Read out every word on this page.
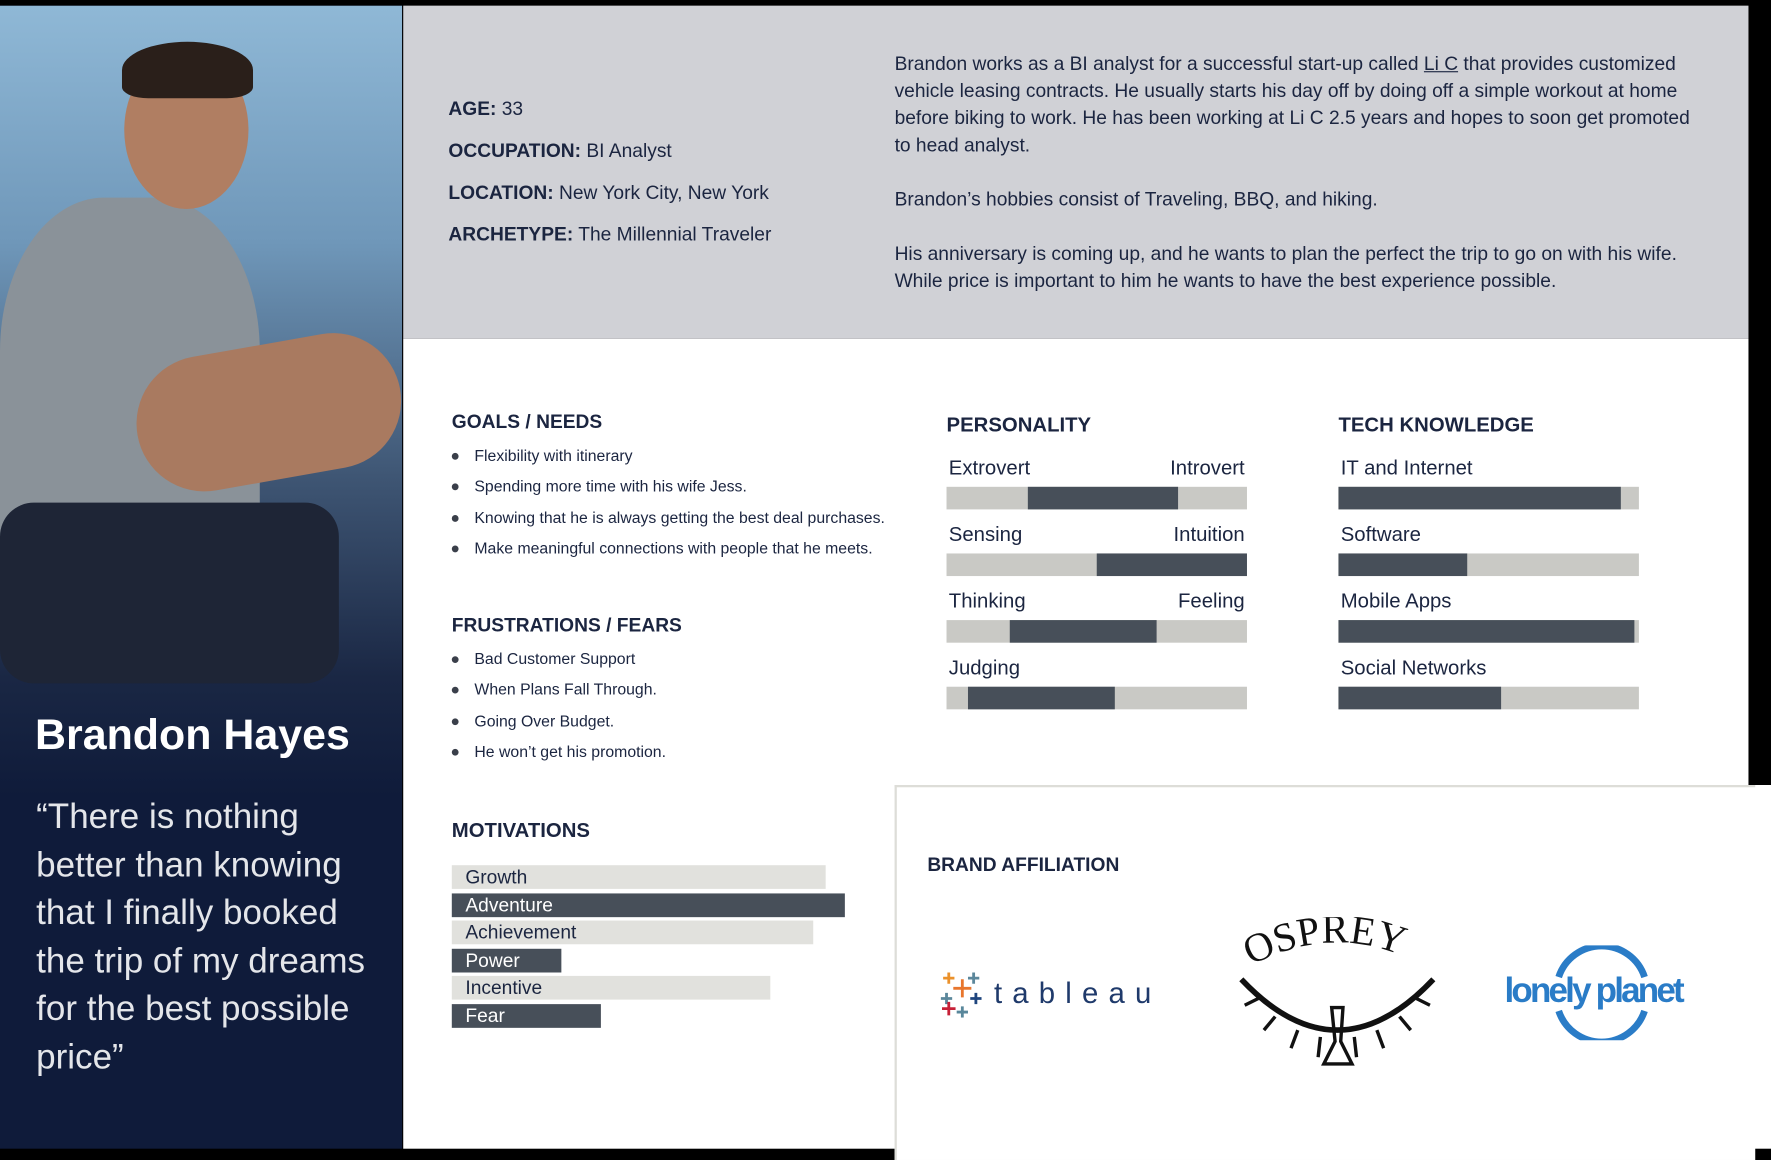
Brandon Hayes
“There is nothing better than knowing that I finally booked the trip of my dreams for the best possible price”
AGE: 33
OCCUPATION: BI Analyst
LOCATION: New York City, New York
ARCHETYPE: The Millennial Traveler

Brandon works as a BI analyst for a successful start-up called Li C that provides customized vehicle leasing contracts. He usually starts his day off by doing off a simple workout at home before biking to work. He has been working at Li C 2.5 years and hopes to soon get promoted to head analyst.

Brandon’s hobbies consist of Traveling, BBQ, and hiking.

His anniversary is coming up, and he wants to plan the perfect the trip to go on with his wife. While price is important to him he wants to have the best experience possible.

GOALS / NEEDS
Flexibility with itinerary
Spending more time with his wife Jess.
Knowing that he is always getting the best deal purchases.
Make meaningful connections with people that he meets.
FRUSTRATIONS / FEARS
Bad Customer Support
When Plans Fall Through.
Going Over Budget.
He won’t get his promotion.
PERSONALITY
Extrovert	Introvert
Sensing	Intuition
Thinking	Feeling
Judging
TECH KNOWLEDGE
IT and Internet
Software
Mobile Apps
Social Networks
MOTIVATIONS
Growth
Adventure
Achievement
Power
Incentive
Fear
BRAND AFFILIATION
tableau
OSPREY
lonely planet
